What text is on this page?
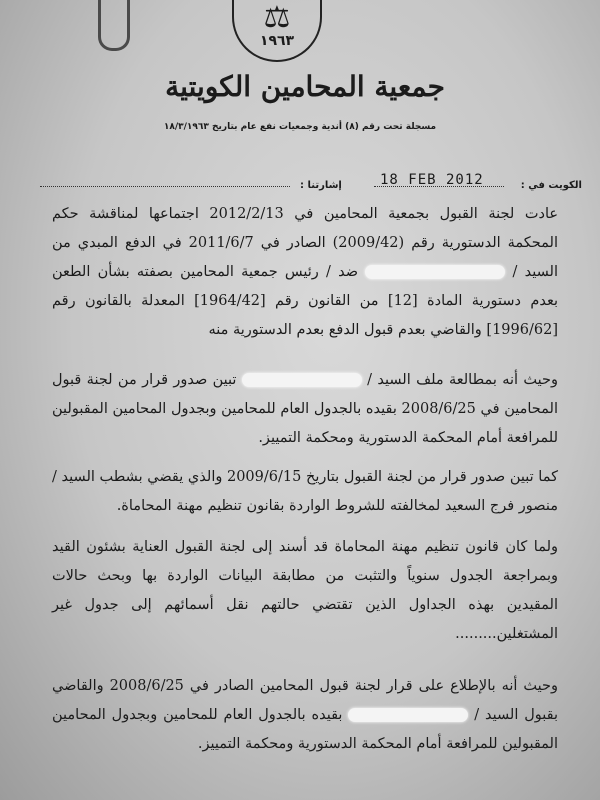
⚖
١٩٦٣
جمعية المحامين الكويتية
مسجلة تحت رقم (٨) أندية وجمعيات نفع عام بتاريخ ١٨/٣/١٩٦٣
الكويت في :
18 FEB 2012
إشارتنا :
عادت لجنة القبول بجمعية المحامين في 2012/2/13 اجتماعها لمناقشة حكم المحكمة الدستورية رقم (2009/42) الصادر في 2011/6/7 في الدفع المبدي من السيد /  ضد / رئيس جمعية المحامين بصفته بشأن الطعن بعدم دستورية المادة [12] من القانون رقم [1964/42] المعدلة بالقانون رقم [1996/62] والقاضي بعدم قبول الدفع بعدم الدستورية منه
وحيث أنه بمطالعة ملف السيد /  تبين صدور قرار من لجنة قبول المحامين في 2008/6/25 بقيده بالجدول العام للمحامين وبجدول المحامين المقبولين للمرافعة أمام المحكمة الدستورية ومحكمة التمييز.
كما تبين صدور قرار من لجنة القبول بتاريخ 2009/6/15 والذي يقضي بشطب السيد / منصور فرج السعيد لمخالفته للشروط الواردة بقانون تنظيم مهنة المحاماة.
ولما كان قانون تنظيم مهنة المحاماة قد أسند إلى لجنة القبول العناية بشئون القيد وبمراجعة الجدول سنوياً والتثبت من مطابقة البيانات الواردة بها وبحث حالات المقيدين بهذه الجداول الذين تقتضي حالتهم نقل أسمائهم إلى جدول غير المشتغلين.........
وحيث أنه بالإطلاع على قرار لجنة قبول المحامين الصادر في 2008/6/25 والقاضي بقبول السيد /  بقيده بالجدول العام للمحامين وبجدول المحامين المقبولين للمرافعة أمام المحكمة الدستورية ومحكمة التمييز.
